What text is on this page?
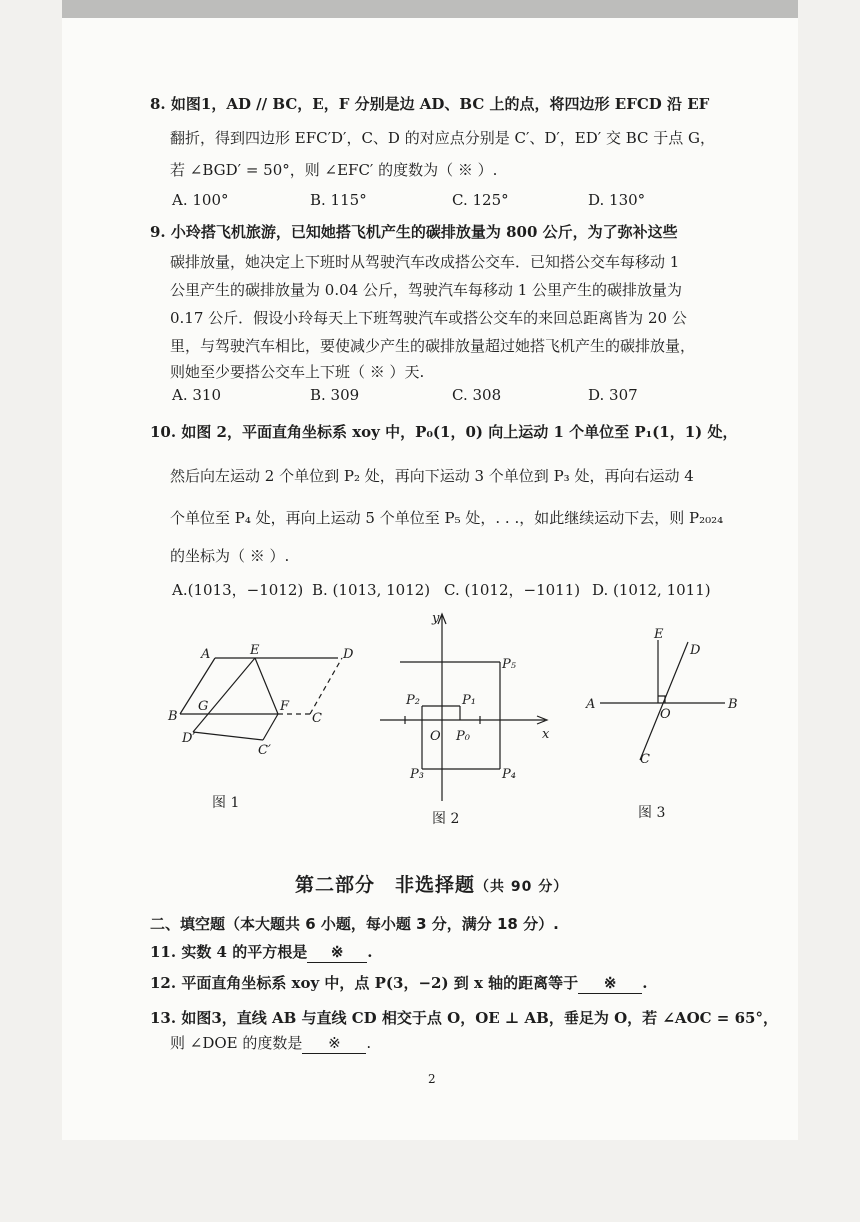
8. 如图1，AD // BC，E，F 分别是边 AD、BC 上的点，将四边形 EFCD 沿 EF
翻折，得到四边形 EFC′D′，C、D 的对应点分别是 C′、D′，ED′ 交 BC 于点 G，
若 ∠BGD′ = 50°，则 ∠EFC′ 的度数为（ ※ ）.
A. 100°	B. 115°	C. 125°	D. 130°
9. 小玲搭飞机旅游，已知她搭飞机产生的碳排放量为 800 公斤，为了弥补这些
碳排放量，她决定上下班时从驾驶汽车改成搭公交车．已知搭公交车每移动 1
公里产生的碳排放量为 0.04 公斤，驾驶汽车每移动 1 公里产生的碳排放量为
0.17 公斤．假设小玲每天上下班驾驶汽车或搭公交车的来回总距离皆为 20 公
里，与驾驶汽车相比，要使减少产生的碳排放量超过她搭飞机产生的碳排放量，
则她至少要搭公交车上下班（ ※ ）天.
A. 310	B. 309	C. 308	D. 307
10. 如图 2，平面直角坐标系 xoy 中，P₀(1，0) 向上运动 1 个单位至 P₁(1，1) 处，
然后向左运动 2 个单位到 P₂ 处，再向下运动 3 个单位到 P₃ 处，再向右运动 4
个单位至 P₄ 处，再向上运动 5 个单位至 P₅ 处，. . .，如此继续运动下去，则 P₂₀₂₄
的坐标为（ ※ ）.
A.(1013，−1012) B. (1013, 1012) C. (1012，−1011) D. (1012, 1011)
A	E	D
B
G	F
C
D′
C′
图 1
y
x
O P₀
P₁
P₂
P₃	P₄
P₅
图 2
E
D
A	B
O
C
图 3
第二部分　非选择题（共 90 分）
二、填空题（本大题共 6 小题，每小题 3 分，满分 18 分）.
11. 实数 4 的平方根是 ※ .
12. 平面直角坐标系 xoy 中，点 P(3，−2) 到 x 轴的距离等于 ※ .
13. 如图3，直线 AB 与直线 CD 相交于点 O，OE ⊥ AB，垂足为 O，若 ∠AOC = 65°，
则 ∠DOE 的度数是 ※ .
2
